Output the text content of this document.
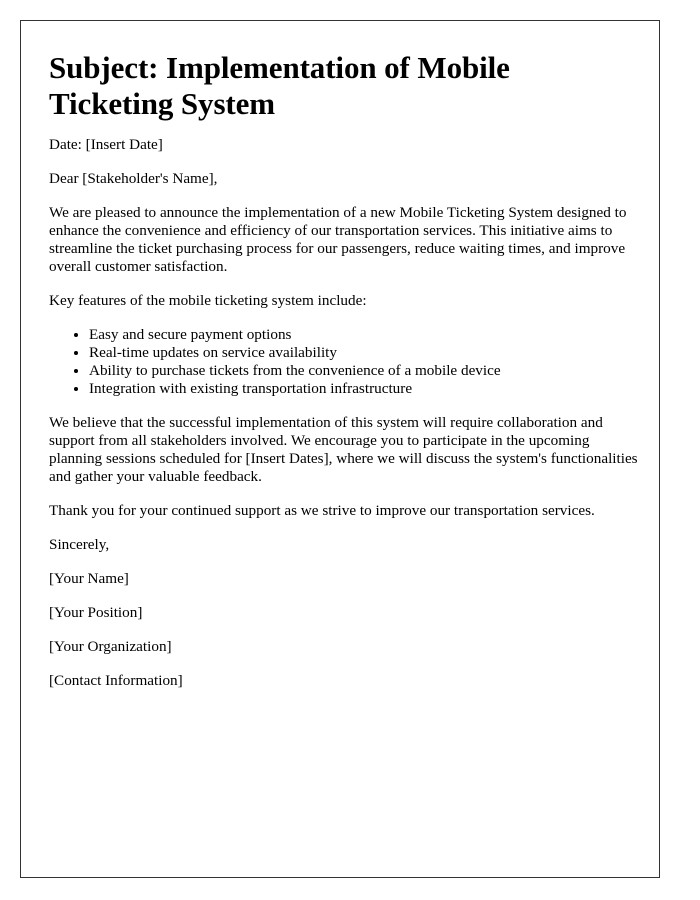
Subject: Implementation of Mobile Ticketing System

Date: [Insert Date]

Dear [Stakeholder's Name],

We are pleased to announce the implementation of a new Mobile Ticketing System designed to enhance the convenience and efficiency of our transportation services. This initiative aims to streamline the ticket purchasing process for our passengers, reduce waiting times, and improve overall customer satisfaction.

Key features of the mobile ticketing system include:

• Easy and secure payment options
• Real-time updates on service availability
• Ability to purchase tickets from the convenience of a mobile device
• Integration with existing transportation infrastructure

We believe that the successful implementation of this system will require collaboration and support from all stakeholders involved. We encourage you to participate in the upcoming planning sessions scheduled for [Insert Dates], where we will discuss the system's functionalities and gather your valuable feedback.

Thank you for your continued support as we strive to improve our transportation services.

Sincerely,

[Your Name]

[Your Position]

[Your Organization]

[Contact Information]
